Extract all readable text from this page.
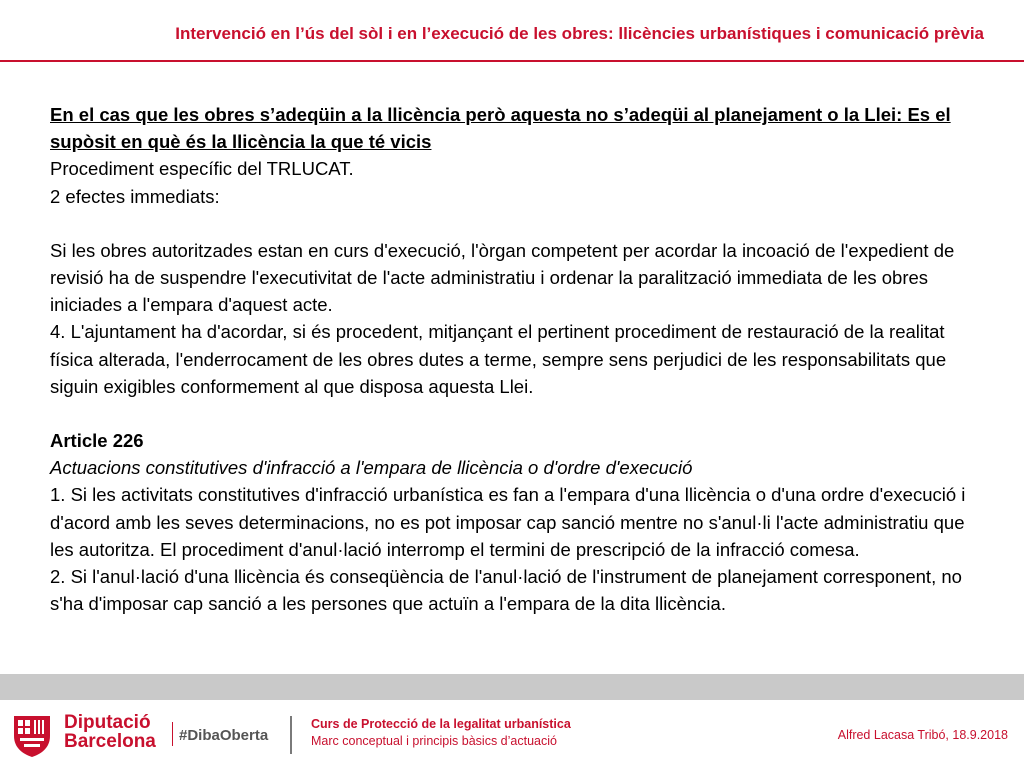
Intervenció en l’ús del sòl i en l’execució de les obres: llicències urbanístiques i comunicació prèvia

En el cas que les obres s’adeqüin a la llicència però aquesta no s’adeqüi al planejament o la Llei: Es el supòsit en què és la llicència la que té vicis

Procediment específic del TRLUCAT.

2 efectes immediats:

Si les obres autoritzades estan en curs d'execució, l'òrgan competent per acordar la incoació de l'expedient de revisió ha de suspendre l'executivitat de l'acte administratiu i ordenar la paralització immediata de les obres iniciades a l'empara d'aquest acte.

4. L'ajuntament ha d'acordar, si és procedent, mitjançant el pertinent procediment de restauració de la realitat física alterada, l'enderrocament de les obres dutes a terme, sempre sens perjudici de les responsabilitats que siguin exigibles conformement al que disposa aquesta Llei.

Article 226

Actuacions constitutives d'infracció a l'empara de llicència o d'ordre d'execució

1. Si les activitats constitutives d'infracció urbanística es fan a l'empara d'una llicència o d'una ordre d'execució i d'acord amb les seves determinacions, no es pot imposar cap sanció mentre no s'anul·li l'acte administratiu que les autoritza. El procediment d'anul·lació interromp el termini de prescripció de la infracció comesa.

2. Si l'anul·lació d'una llicència és conseqüència de l'anul·lació de l'instrument de planejament corresponent, no s'ha d'imposar cap sanció a les persones que actuïn a l'empara de la dita llicència.

Diputació
Barcelona #DibaOberta
Curs de Protecció de la legalitat urbanística
Marc conceptual i principis bàsics d’actuació	Alfred Lacasa Tribó, 18.9.2018
